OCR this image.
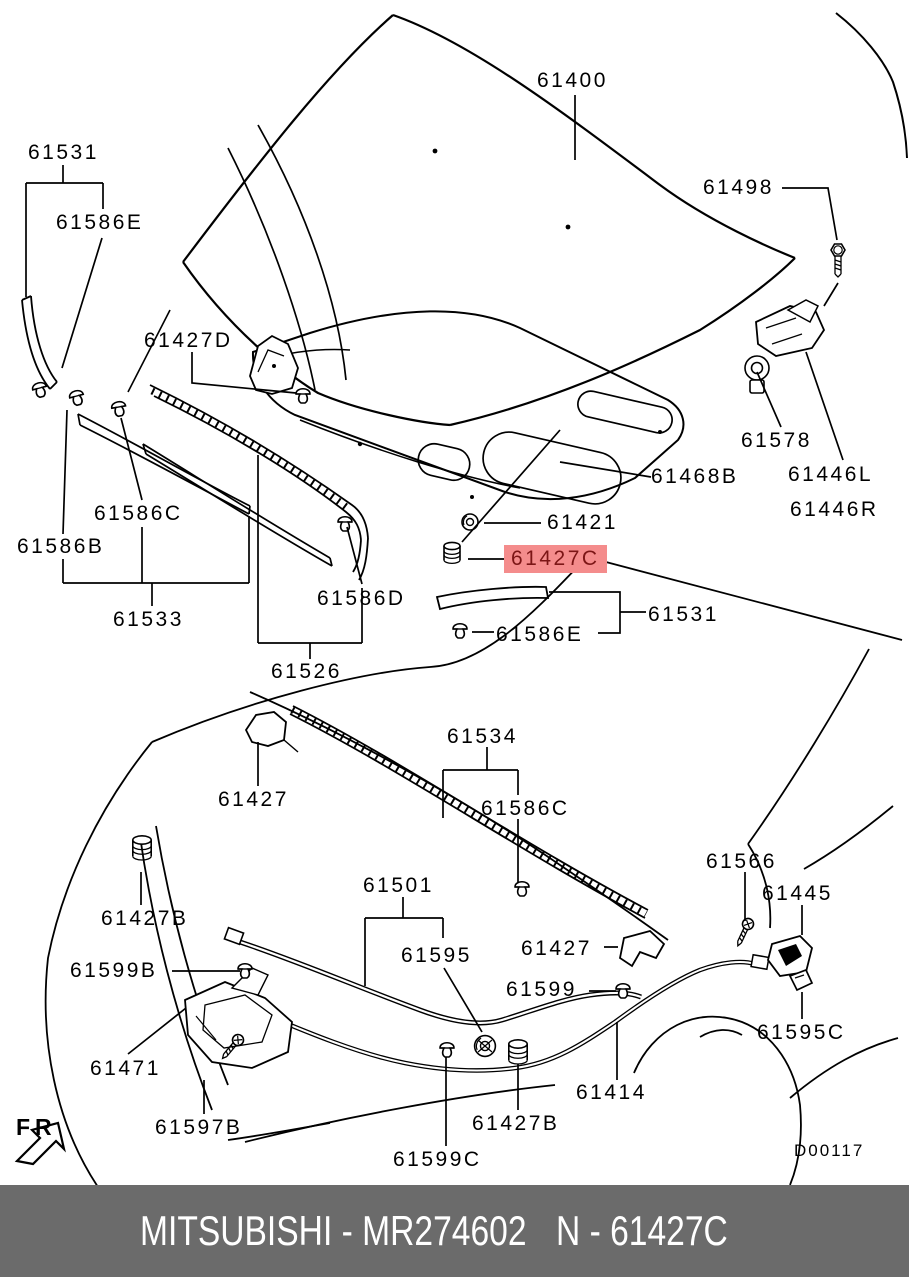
61531
61586E
61400
61498
61427D
61578
61468B 61446L
61446R
61421
61427C
61586C
61586B
61533
61586D
61586E
61531
61526
61534
61427	61586C
61566
61445
61427B
61501
61595 61427
61599B
61599
61595C
61471
61414
61597B	61427B
61599C
FR
D00117
MITSUBISHI - MR274602 N - 61427C
